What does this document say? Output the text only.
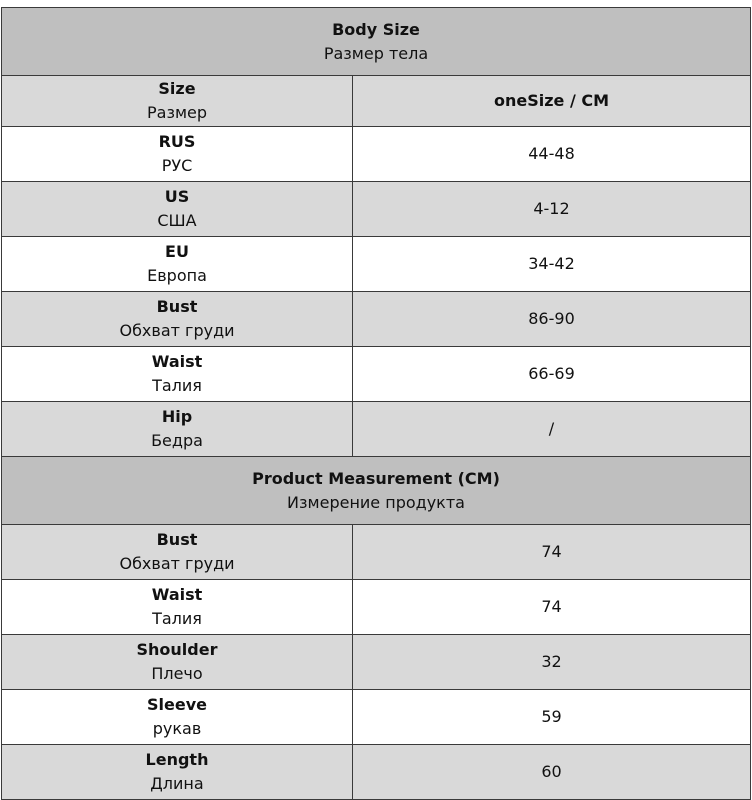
Body Size
Размер тела	

Size
Размер	oneSize / CM

RUS
РУС	44-48

US
США	4-12

EU
Европа	34-42

Bust
Обхват груди	86-90

Waist
Талия	66-69

Hip
Бедра	/

Product Measurement (CM)
Измерение продукта	

Bust
Обхват груди	74

Waist
Талия	74

Shoulder
Плечо	32

Sleeve
рукав	59

Length
Длина	60
